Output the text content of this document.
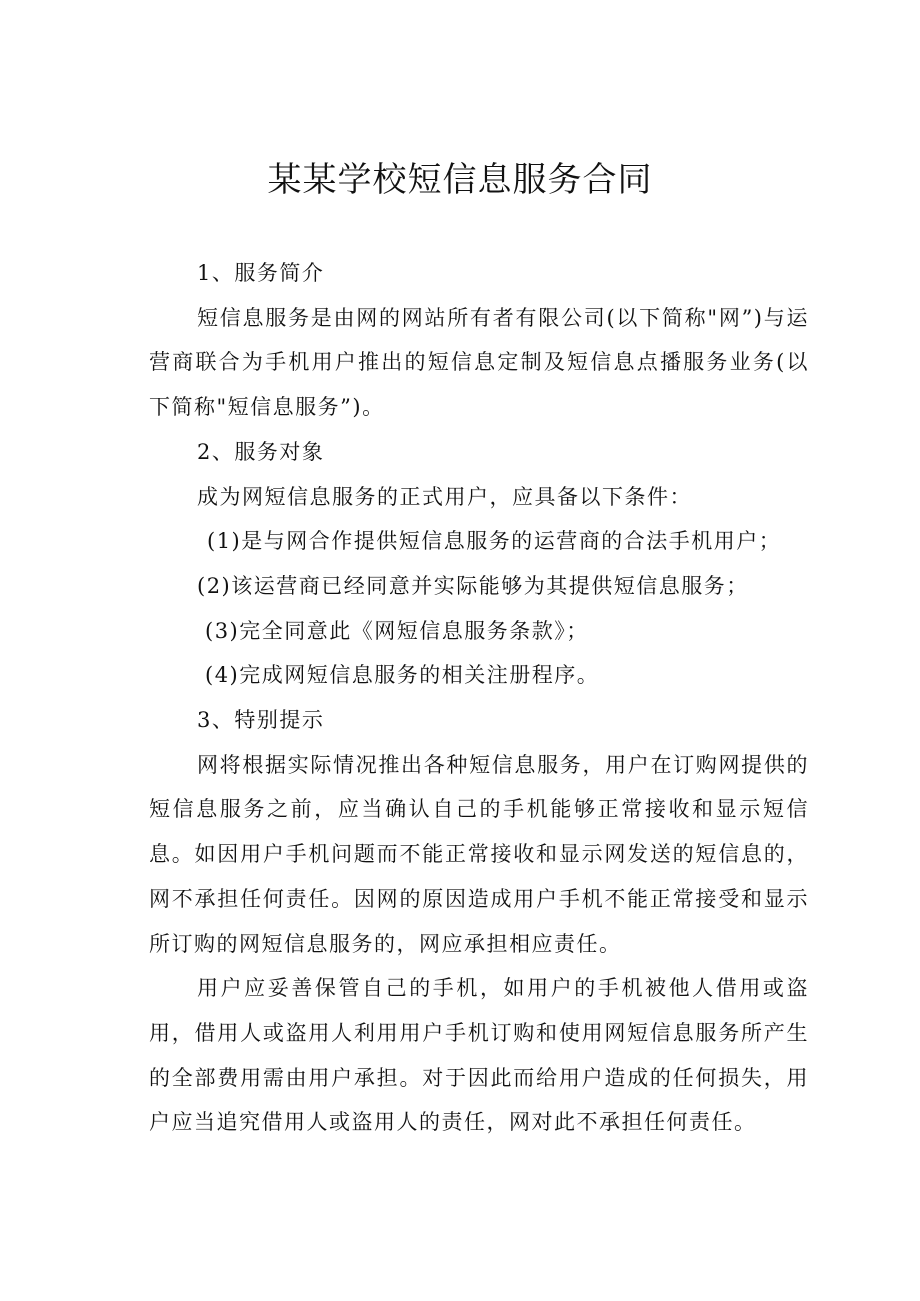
某某学校短信息服务合同

1、服务简介

短信息服务是由网的网站所有者有限公司(以下简称"网”)与运营商联合为手机用户推出的短信息定制及短信息点播服务业务(以下简称"短信息服务”)。

2、服务对象

成为网短信息服务的正式用户，应具备以下条件：

(1)是与网合作提供短信息服务的运营商的合法手机用户；

(2)该运营商已经同意并实际能够为其提供短信息服务；

(3)完全同意此《网短信息服务条款》；

(4)完成网短信息服务的相关注册程序。

3、特别提示

网将根据实际情况推出各种短信息服务，用户在订购网提供的短信息服务之前，应当确认自己的手机能够正常接收和显示短信息。如因用户手机问题而不能正常接收和显示网发送的短信息的，网不承担任何责任。因网的原因造成用户手机不能正常接受和显示所订购的网短信息服务的，网应承担相应责任。

用户应妥善保管自己的手机，如用户的手机被他人借用或盗用，借用人或盗用人利用用户手机订购和使用网短信息服务所产生的全部费用需由用户承担。对于因此而给用户造成的任何损失，用户应当追究借用人或盗用人的责任，网对此不承担任何责任。
